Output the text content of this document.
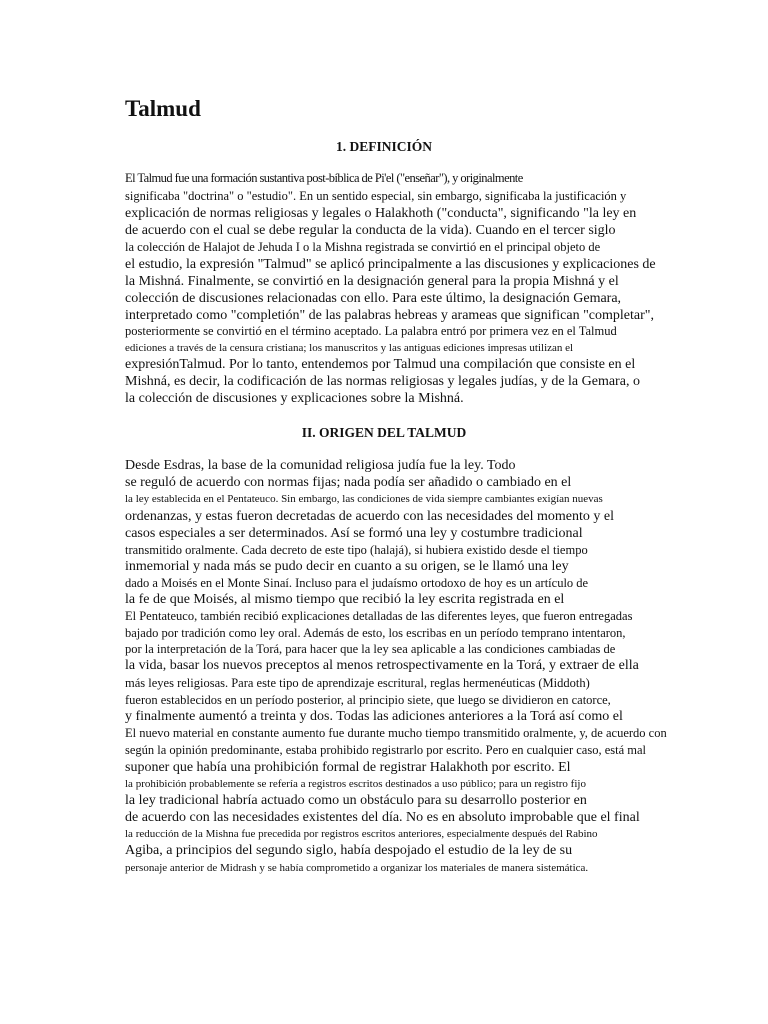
Talmud
1. DEFINICIÓN

El Talmud fue una formación sustantiva post-bíblica de Pi'el ("enseñar"), y originalmente

significaba "doctrina" o "estudio". En un sentido especial, sin embargo, significaba la justificación y

explicación de normas religiosas y legales o Halakhoth ("conducta", significando "la ley en

de acuerdo con el cual se debe regular la conducta de la vida). Cuando en el tercer siglo

la colección de Halajot de Jehuda I o la Mishna registrada se convirtió en el principal objeto de

el estudio, la expresión "Talmud" se aplicó principalmente a las discusiones y explicaciones de

la Mishná. Finalmente, se convirtió en la designación general para la propia Mishná y el

colección de discusiones relacionadas con ello. Para este último, la designación Gemara,

interpretado como "completión" de las palabras hebreas y arameas que significan "completar",

posteriormente se convirtió en el término aceptado. La palabra entró por primera vez en el Talmud

ediciones a través de la censura cristiana; los manuscritos y las antiguas ediciones impresas utilizan el

expresiónTalmud. Por lo tanto, entendemos por Talmud una compilación que consiste en el

Mishná, es decir, la codificación de las normas religiosas y legales judías, y de la Gemara, o

la colección de discusiones y explicaciones sobre la Mishná.

II. ORIGEN DEL TALMUD

Desde Esdras, la base de la comunidad religiosa judía fue la ley. Todo

se reguló de acuerdo con normas fijas; nada podía ser añadido o cambiado en el

la ley establecida en el Pentateuco. Sin embargo, las condiciones de vida siempre cambiantes exigían nuevas

ordenanzas, y estas fueron decretadas de acuerdo con las necesidades del momento y el

casos especiales a ser determinados. Así se formó una ley y costumbre tradicional

transmitido oralmente. Cada decreto de este tipo (halajá), si hubiera existido desde el tiempo

inmemorial y nada más se pudo decir en cuanto a su origen, se le llamó una ley

dado a Moisés en el Monte Sinaí. Incluso para el judaísmo ortodoxo de hoy es un artículo de

la fe de que Moisés, al mismo tiempo que recibió la ley escrita registrada en el

El Pentateuco, también recibió explicaciones detalladas de las diferentes leyes, que fueron entregadas

bajado por tradición como ley oral. Además de esto, los escribas en un período temprano intentaron,

por la interpretación de la Torá, para hacer que la ley sea aplicable a las condiciones cambiadas de

la vida, basar los nuevos preceptos al menos retrospectivamente en la Torá, y extraer de ella

más leyes religiosas. Para este tipo de aprendizaje escritural, reglas hermenéuticas (Middoth)

fueron establecidos en un período posterior, al principio siete, que luego se dividieron en catorce,

y finalmente aumentó a treinta y dos. Todas las adiciones anteriores a la Torá así como el

El nuevo material en constante aumento fue durante mucho tiempo transmitido oralmente, y, de acuerdo con

según la opinión predominante, estaba prohibido registrarlo por escrito. Pero en cualquier caso, está mal

suponer que había una prohibición formal de registrar Halakhoth por escrito. El

la prohibición probablemente se refería a registros escritos destinados a uso público; para un registro fijo

la ley tradicional habría actuado como un obstáculo para su desarrollo posterior en

de acuerdo con las necesidades existentes del día. No es en absoluto improbable que el final

la reducción de la Mishna fue precedida por registros escritos anteriores, especialmente después del Rabino

Agiba, a principios del segundo siglo, había despojado el estudio de la ley de su

personaje anterior de Midrash y se había comprometido a organizar los materiales de manera sistemática.
